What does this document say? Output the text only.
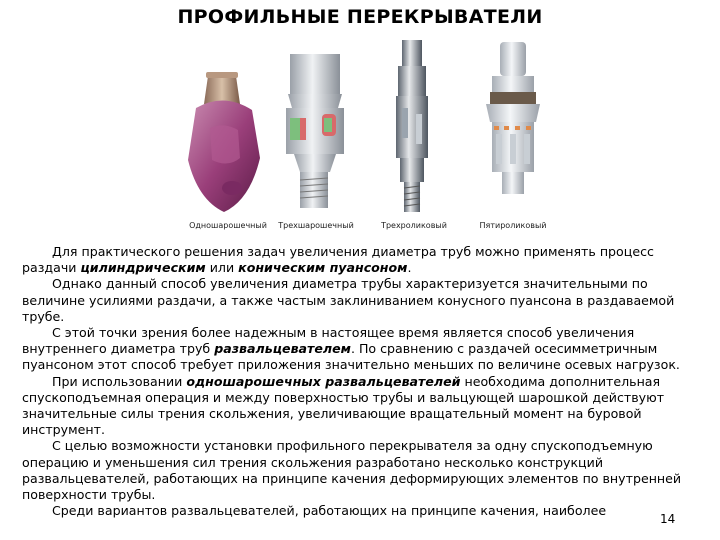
ПРОФИЛЬНЫЕ ПЕРЕКРЫВАТЕЛИ
Одношарошечный Трехшарошечный	Трехроликовый	Пятироликовый

Для практического решения задач увеличения диаметра труб можно применять процесс раздачи цилиндрическим или коническим пуансоном.

Однако данный способ увеличения диаметра трубы характеризуется значительными по величине усилиями раздачи, а также частым заклиниванием конусного пуансона в раздаваемой трубе.

С этой точки зрения более надежным в настоящее время является способ увеличения внутреннего диаметра труб развальцевателем. По сравнению с раздачей осесимметричным пуансоном этот способ требует приложения значительно меньших по величине осевых нагрузок.

При использовании одношарошечных развальцевателей необходима дополнительная спускоподъемная операция и между поверхностью трубы и вальцующей шарошкой действуют значительные силы трения скольжения, увеличивающие вращательный момент на буровой инструмент.

С целью возможности установки профильного перекрывателя за одну спускоподъемную операцию и уменьшения сил трения скольжения разработано несколько конструкций развальцевателей, работающих на принципе качения деформирующих элементов по внутренней поверхности трубы.

Среди вариантов развальцевателей, работающих на принципе качения, наиболее

14
